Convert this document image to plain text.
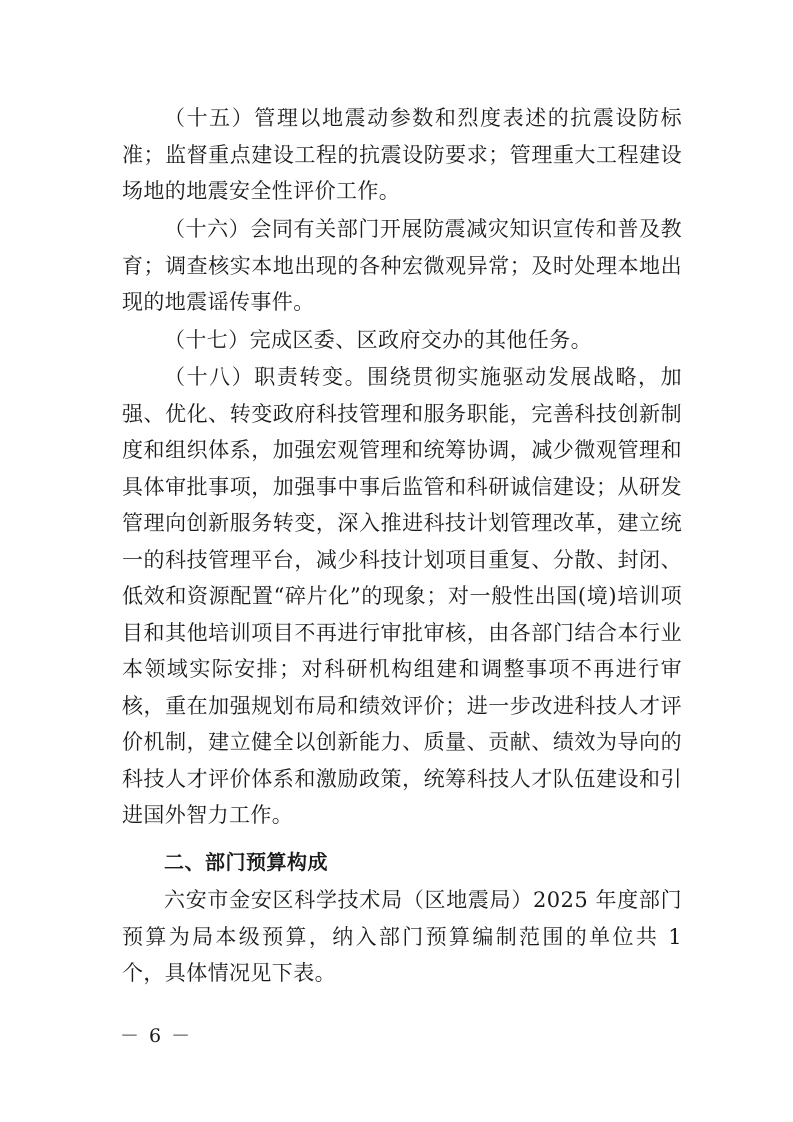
（十五）管理以地震动参数和烈度表述的抗震设防标准；监督重点建设工程的抗震设防要求；管理重大工程建设场地的地震安全性评价工作。

（十六）会同有关部门开展防震减灾知识宣传和普及教育；调查核实本地出现的各种宏微观异常；及时处理本地出现的地震谣传事件。

（十七）完成区委、区政府交办的其他任务。

（十八）职责转变。围绕贯彻实施驱动发展战略，加强、优化、转变政府科技管理和服务职能，完善科技创新制度和组织体系，加强宏观管理和统筹协调，减少微观管理和具体审批事项，加强事中事后监管和科研诚信建设；从研发管理向创新服务转变，深入推进科技计划管理改革，建立统一的科技管理平台，减少科技计划项目重复、分散、封闭、低效和资源配置“碎片化”的现象；对一般性出国(境)培训项目和其他培训项目不再进行审批审核，由各部门结合本行业本领域实际安排；对科研机构组建和调整事项不再进行审核，重在加强规划布局和绩效评价；进一步改进科技人才评价机制，建立健全以创新能力、质量、贡献、绩效为导向的科技人才评价体系和激励政策，统筹科技人才队伍建设和引进国外智力工作。

二、部门预算构成

六安市金安区科学技术局（区地震局）2025 年度部门预算为局本级预算，纳入部门预算编制范围的单位共 1 个，具体情况见下表。

－ 6 －
